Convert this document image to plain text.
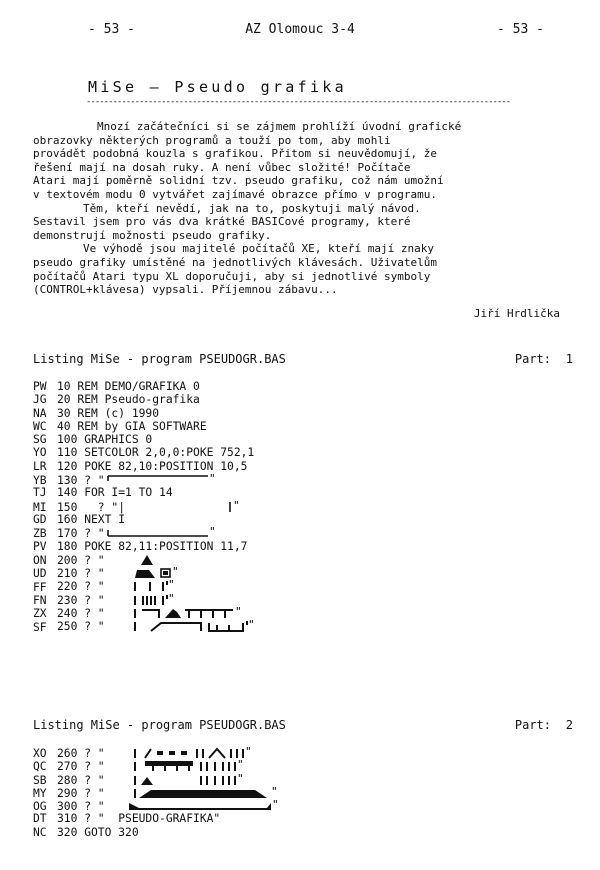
- 53 -	AZ Olomouc 3-4	- 53 -
MiSe — Pseudo grafika
------------------------------------------------------------------------------------------------
Mnozí začátečníci si se zájmem prohlíží úvodní grafické
obrazovky některých programů a touží po tom, aby mohli
provádět podobná kouzla s grafikou. Přitom si neuvědomují, že
řešení mají na dosah ruky. A není vůbec složité! Počítače
Atari mají poměrně solidní tzv. pseudo grafiku, což nám umožní
v textovém modu 0 vytvářet zajímavé obrazce přímo v programu.
Těm, kteří nevědí, jak na to, poskytuji malý návod.
Sestavil jsem pro vás dva krátké BASICové programy, které
demonstrují možnosti pseudo grafiky.
Ve výhodě jsou majitelé počítačů XE, kteří mají znaky
pseudo grafiky umístěné na jednotlivých klávesách. Uživatelům
počítačů Atari typu XL doporučuji, aby si jednotlivé symboly
(CONTROL+klávesa) vypsali. Příjemnou zábavu...
Jiří Hrdlička
Listing MiSe - program PSEUDOGR.BAS	Part: 1
PW 10 REM DEMO/GRAFIKA 0
JG 20 REM Pseudo-grafika
NA 30 REM (c) 1990
WC 40 REM by GIA SOFTWARE
SG 100 GRAPHICS 0
YO 110 SETCOLOR 2,0,0:POKE 752,1
LR 120 POKE 82,10:POSITION 10,5
YB 130 ? "	"
TJ 140 FOR I=1 TO 14
MI 150   ? "|	"
GD 160 NEXT I
ZB 170 ? "	"
PV 180 POKE 82,11:POSITION 11,7
ON 200 ? "
UD 210 ? "	"
FF 220 ? "	"
FN 230 ? "	"
ZX 240 ? "	"
SF 250 ? "	"
Listing MiSe - program PSEUDOGR.BAS	Part: 2
XO 260 ? "	"
QC 270 ? "	"
SB 280 ? "	"
MY 290 ? "	"
OG 300 ? "	"
DT 310 ? "  PSEUDO-GRAFIKA"
NC 320 GOTO 320
